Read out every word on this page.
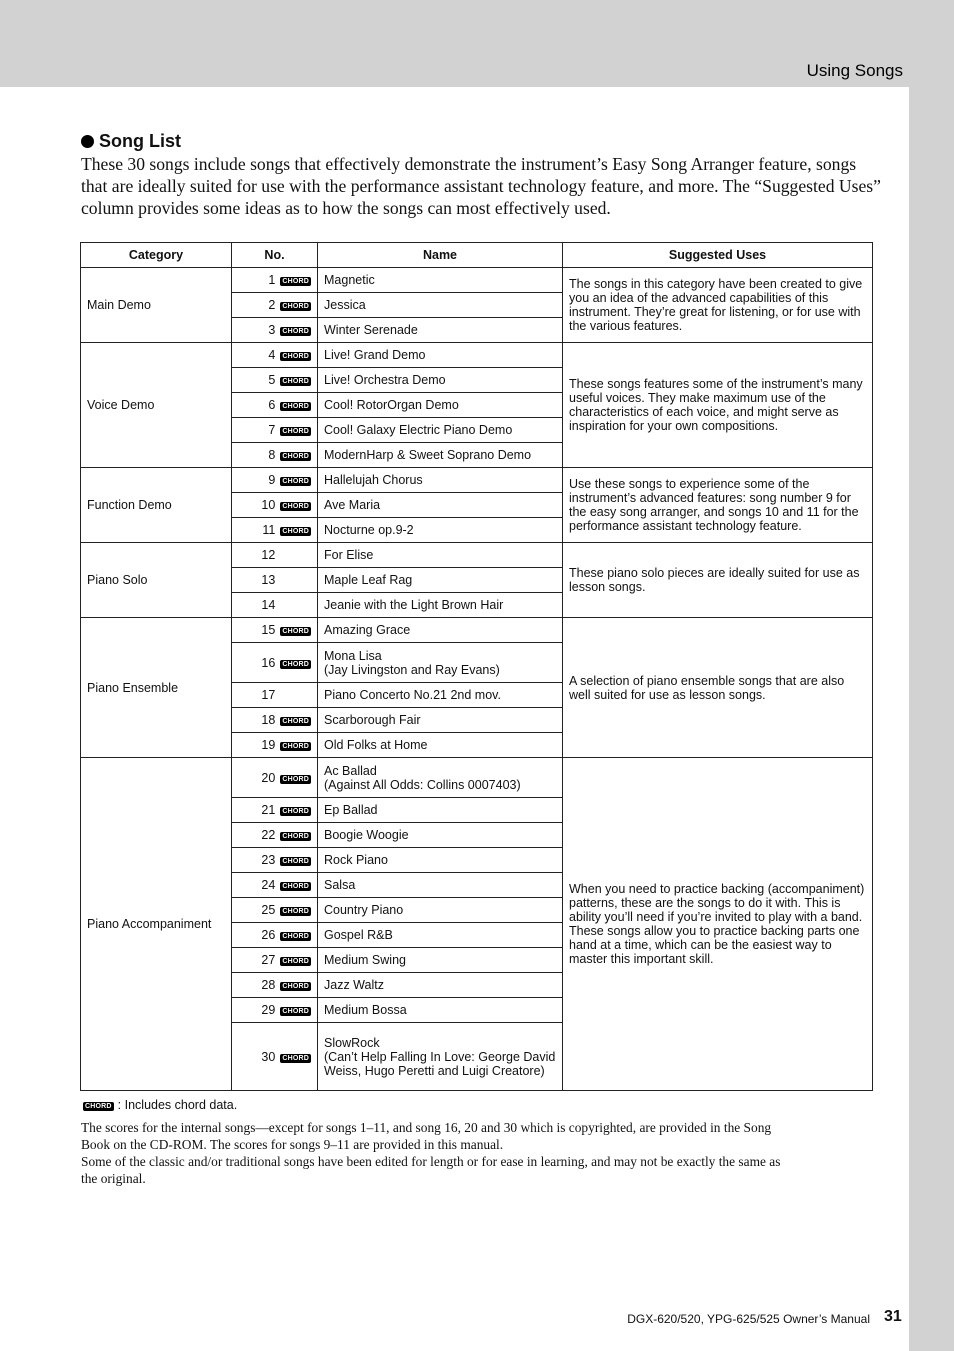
Using Songs
Song List
These 30 songs include songs that effectively demonstrate the instrument’s Easy Song Arranger feature, songs that are ideally suited for use with the performance assistant technology feature, and more. The “Suggested Uses” column provides some ideas as to how the songs can most effectively used.
Category	No.	Name	Suggested Uses
Main Demo	1 CHORD	Magnetic	The songs in this category have been created to give you an idea of the advanced capabilities of this instrument. They’re great for listening, or for use with the various features.
	2 CHORD	Jessica	

	3 CHORD	Winter Serenade	

Voice Demo	4 CHORD	Live! Grand Demo	These songs features some of the instrument’s many useful voices. They make maximum use of the characteristics of each voice, and might serve as inspiration for your own compositions.
	5 CHORD	Live! Orchestra Demo	

	6 CHORD	Cool! RotorOrgan Demo	

	7 CHORD	Cool! Galaxy Electric Piano Demo	

	8 CHORD	ModernHarp & Sweet Soprano Demo	

Function Demo	9 CHORD	Hallelujah Chorus	Use these songs to experience some of the instrument’s advanced features: song number 9 for the easy song arranger, and songs 10 and 11 for the performance assistant technology feature.
	10 CHORD	Ave Maria	

	11 CHORD	Nocturne op.9-2	

Piano Solo	12	For Elise	These piano solo pieces are ideally suited for use as lesson songs.
	13	Maple Leaf Rag	

	14	Jeanie with the Light Brown Hair	

Piano Ensemble	15 CHORD	Amazing Grace	A selection of piano ensemble songs that are also well suited for use as lesson songs.
	16 CHORD	Mona Lisa
(Jay Livingston and Ray Evans)	

	17	Piano Concerto No.21 2nd mov.	

	18 CHORD	Scarborough Fair	

	19 CHORD	Old Folks at Home	

Piano Accompaniment	20 CHORD	Ac Ballad
(Against All Odds: Collins 0007403)	When you need to practice backing (accompaniment) patterns, these are the songs to do it with. This is ability you’ll need if you’re invited to play with a band. These songs allow you to practice backing parts one hand at a time, which can be the easiest way to master this important skill.
	21 CHORD	Ep Ballad	

	22 CHORD	Boogie Woogie	

	23 CHORD	Rock Piano	

	24 CHORD	Salsa	

	25 CHORD	Country Piano	

	26 CHORD	Gospel R&B	

	27 CHORD	Medium Swing	

	28 CHORD	Jazz Waltz	

	29 CHORD	Medium Bossa	

	30 CHORD	SlowRock
(Can’t Help Falling In Love: George David Weiss, Hugo Peretti and Luigi Creatore)	
CHORD : Includes chord data.

The scores for the internal songs—except for songs 1–11, and song 16, 20 and 30 which is copyrighted, are provided in the Song Book on the CD-ROM. The scores for songs 9–11 are provided in this manual.

Some of the classic and/or traditional songs have been edited for length or for ease in learning, and may not be exactly the same as the original.

DGX-620/520, YPG-625/525 Owner’s Manual 31
